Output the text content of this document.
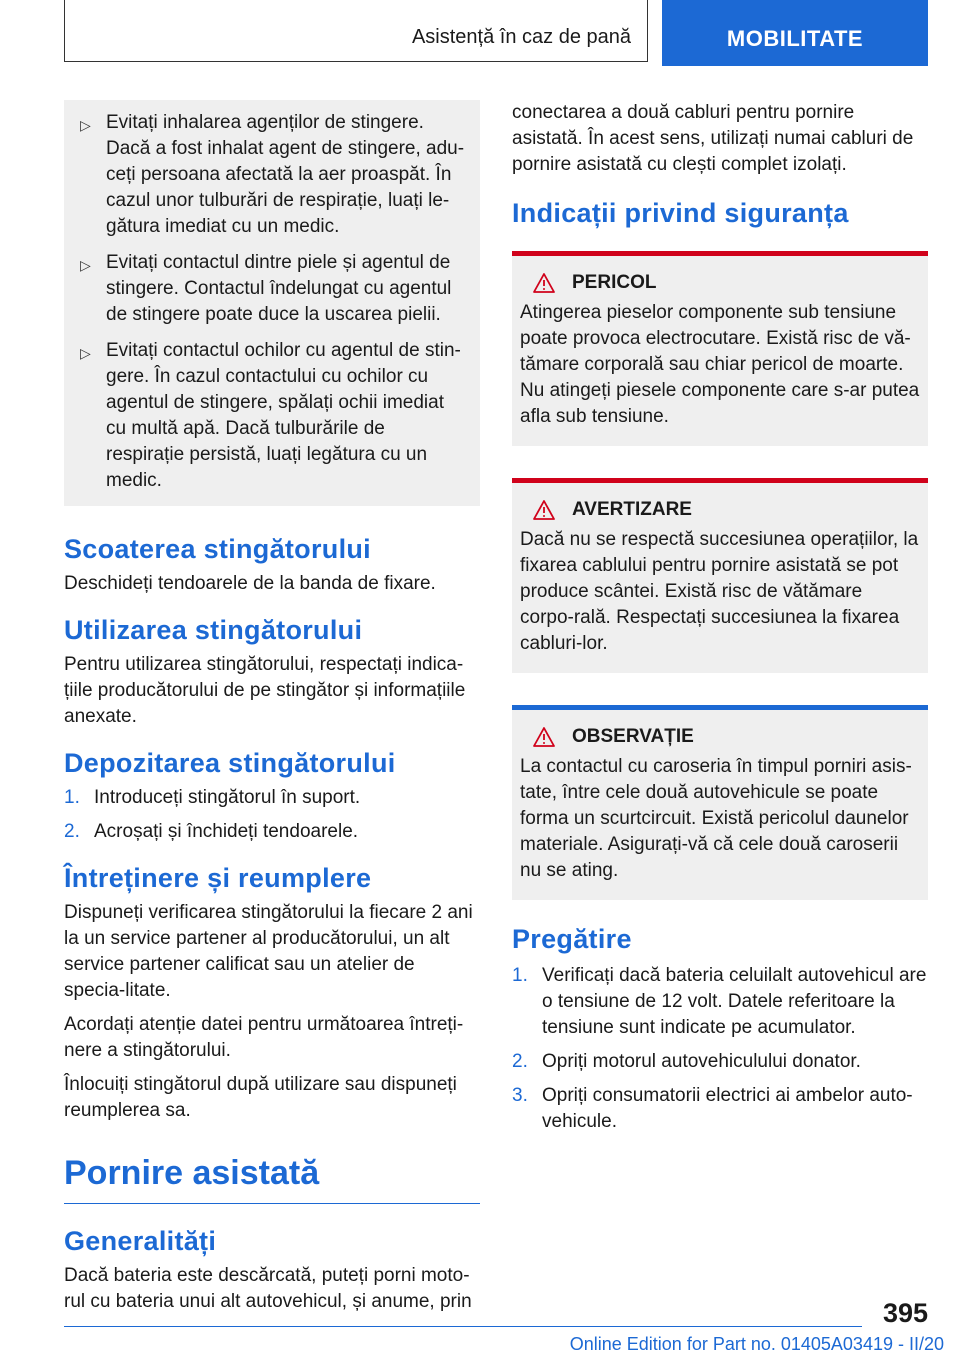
Asistență în caz de pană	MOBILITATE
▷ Evitați inhalarea agenților de stingere. Dacă a fost inhalat agent de stingere, adu-ceți persoana afectată la aer proaspăt. În cazul unor tulburări de respirație, luați le-gătura imediat cu un medic.
▷ Evitați contactul dintre piele și agentul de stingere. Contactul îndelungat cu agentul de stingere poate duce la uscarea pielii.
▷ Evitați contactul ochilor cu agentul de stin-gere. În cazul contactului cu ochilor cu agentul de stingere, spălați ochii imediat cu multă apă. Dacă tulburările de respirație persistă, luați legătura cu un medic.
Scoaterea stingătorului

Deschideți tendoarele de la banda de fixare.

Utilizarea stingătorului

Pentru utilizarea stingătorului, respectați indica-țiile producătorului de pe stingător și informațiile anexate.

Depozitarea stingătorului
1. Introduceți stingătorul în suport.
2. Acroșați și închideți tendoarele.
Întreținere și reumplere

Dispuneți verificarea stingătorului la fiecare 2 ani la un service partener al producătorului, un alt service partener calificat sau un atelier de specia-litate.

Acordați atenție datei pentru următoarea întreți-nere a stingătorului.

Înlocuiți stingătorul după utilizare sau dispuneți reumplerea sa.

Pornire asistată
Generalități

Dacă bateria este descărcată, puteți porni moto-rul cu bateria unui alt autovehicul, și anume, prin

conectarea a două cabluri pentru pornire asistată. În acest sens, utilizați numai cabluri de pornire asistată cu clești complet izolați.

Indicații privind siguranța
PERICOL

Atingerea pieselor componente sub tensiune poate provoca electrocutare. Există risc de vă-tămare corporală sau chiar pericol de moarte. Nu atingeți piesele componente care s-ar putea afla sub tensiune.

AVERTIZARE

Dacă nu se respectă succesiunea operațiilor, la fixarea cablului pentru pornire asistată se pot produce scântei. Există risc de vătămare corpo-rală. Respectați succesiunea la fixarea cabluri-lor.

OBSERVAȚIE

La contactul cu caroseria în timpul porniri asis-tate, între cele două autovehicule se poate forma un scurtcircuit. Există pericolul daunelor materiale. Asigurați-vă că cele două caroserii nu se ating.

Pregătire
1. Verificați dacă bateria celuilalt autovehicul are o tensiune de 12 volt. Datele referitoare la tensiune sunt indicate pe acumulator.
2. Opriți motorul autovehiculului donator.
3. Opriți consumatorii electrici ai ambelor auto-vehicule.
395
Online Edition for Part no. 01405A03419 - II/20
